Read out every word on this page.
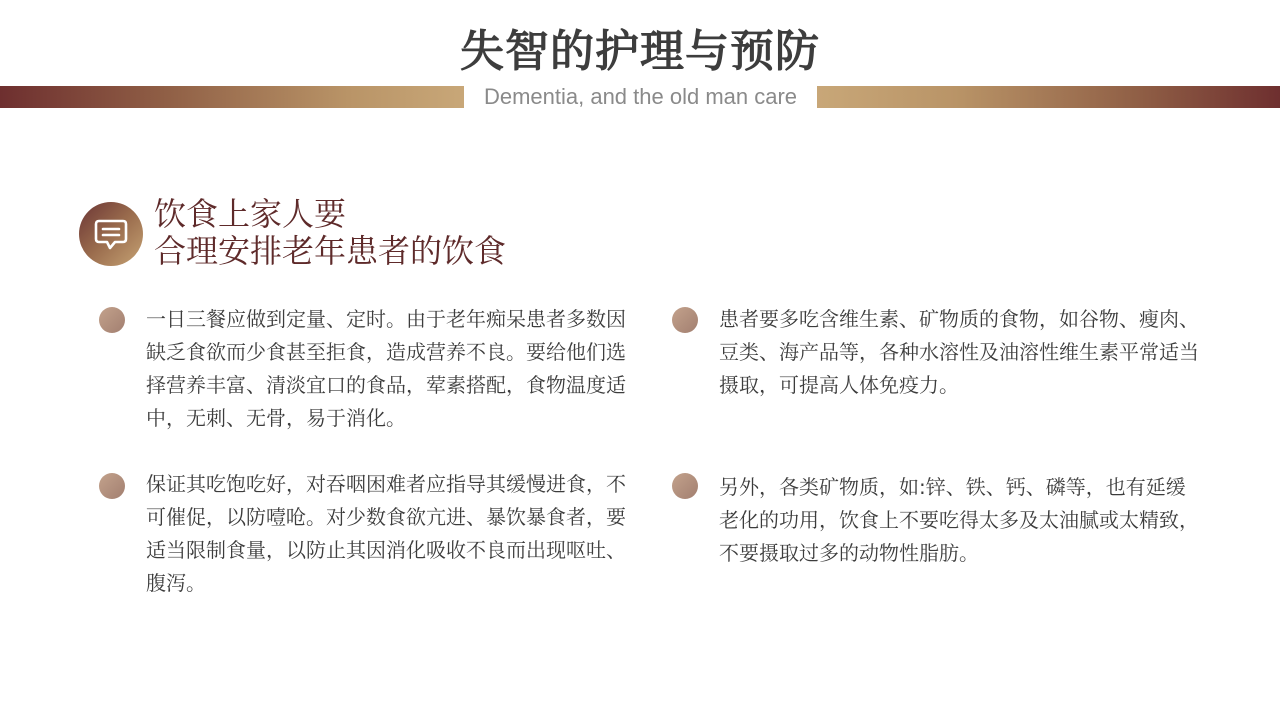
失智的护理与预防
Dementia, and the old man care
饮食上家人要
合理安排老年患者的饮食
一日三餐应做到定量、定时。由于老年痴呆患者多数因缺乏食欲而少食甚至拒食，造成营养不良。要给他们选择营养丰富、清淡宜口的食品，荤素搭配，食物温度适中，无刺、无骨，易于消化。
保证其吃饱吃好，对吞咽困难者应指导其缓慢进食，不可催促，以防噎呛。对少数食欲亢进、暴饮暴食者，要适当限制食量，以防止其因消化吸收不良而出现呕吐、腹泻。
患者要多吃含维生素、矿物质的食物，如谷物、瘦肉、豆类、海产品等，各种水溶性及油溶性维生素平常适当摄取，可提高人体免疫力。
另外，各类矿物质，如:锌、铁、钙、磷等，也有延缓老化的功用，饮食上不要吃得太多及太油腻或太精致，不要摄取过多的动物性脂肪。
